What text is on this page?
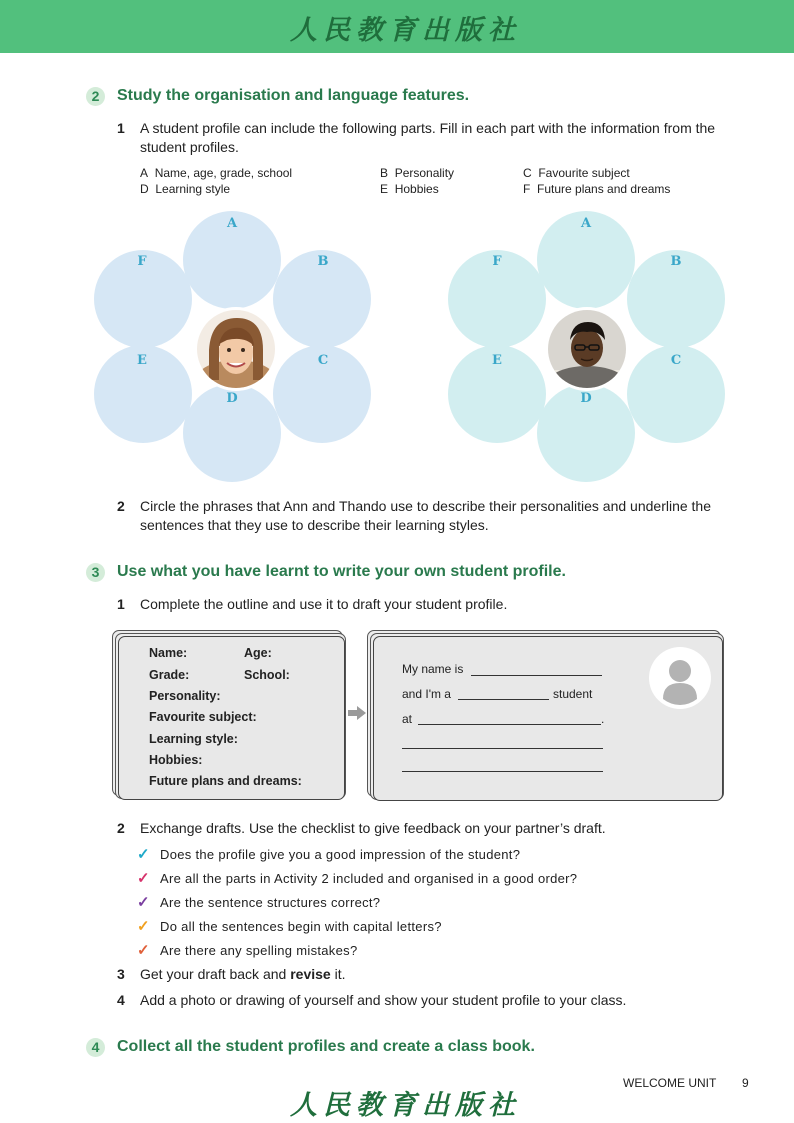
人民教育出版社
2	Study the organisation and language features.
1 A student profile can include the following parts. Fill in each part with the information from the student profiles.
A Name, age, grade, school	B Personality	C Favourite subject
D Learning style	E Hobbies	F Future plans and dreams
A
B
C
D
E
F
A
B
C
D
E
F
2 Circle the phrases that Ann and Thando use to describe their personalities and underline the sentences that they use to describe their learning styles.
3	Use what you have learnt to write your own student profile.
1 Complete the outline and use it to draft your student profile.
Name:	Age:
Grade:	School:
Personality:
Favourite subject:
Learning style:
Hobbies:
Future plans and dreams:
My name is
and I'm a	student
at	.
2 Exchange drafts. Use the checklist to give feedback on your partner’s draft.
✓ Does the profile give you a good impression of the student?
✓ Are all the parts in Activity 2 included and organised in a good order?
✓ Are the sentence structures correct?
✓ Do all the sentences begin with capital letters?
✓ Are there any spelling mistakes?
3 Get your draft back and revise it.
4 Add a photo or drawing of yourself and show your student profile to your class.
4	Collect all the student profiles and create a class book.
WELCOME UNIT 9
人民教育出版社
